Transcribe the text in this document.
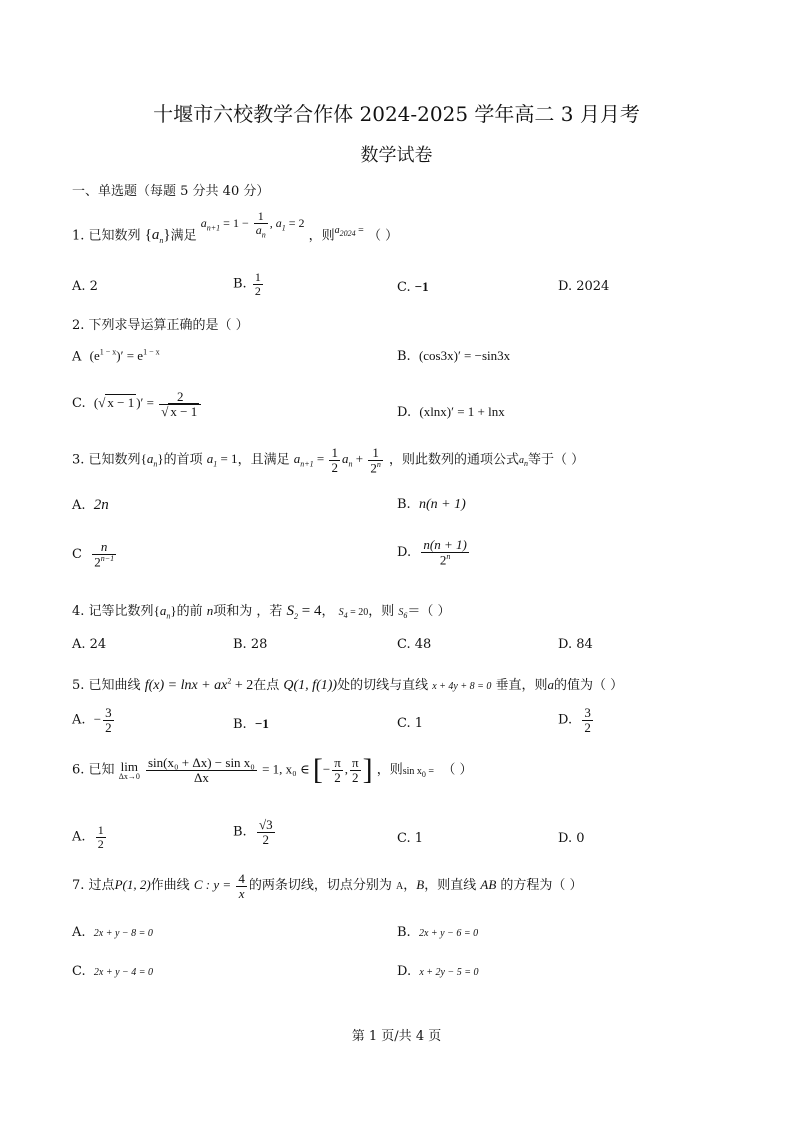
十堰市六校教学合作体 2024-2025 学年高二 3 月月考
数学试卷
一、单选题（每题 5 分共 40 分）
1. 已知数列 $\{a_n\}$满足 $a_{n+1} = 1 - \frac{1}{a_n}$ , $a_1 = 2$ ，则$^{a_{2024} =}$ （ ）
A. 2	B. $\frac{1}{2}$	C. −1	D. 2024
2. 下列求导运算正确的是（ ）
A $(e^{1 - x})' = e^{1 - x}$	B. (cos3x)′ = −sin3x
C. (√ x − 1 )′ = $\frac{2}{√ x - 1}$	D. (xlnx)′ = 1 + lnx
3. 已知数列$\{a_n\}$的首项 $a_1 = 1$，且满足 $a_{n+1} = \frac{1}{2} a_n + \frac{1}{2^n}$ ，则此数列的通项公式$a_n$等于（ ）
A. 2n	B. n(n + 1)
C $\frac{n}{2^{n-1}}$	D. $\frac{n(n + 1)}{2^n}$
4. 记等比数列$\{a_n\}$的前 n项和为 ，若 $S_2 = 4$， $S_4 = 20$，则 $S_6=$（ ）
A. 24	B. 28	C. 48	D. 84
5. 已知曲线 $f(x) = \ln x + ax^2 + 2$在点 Q(1, f(1))处的切线与直线 x + 4y + 8 = 0 垂直，则a的值为（ ）
A. − $\frac{3}{2}$	B. −1	C. 1	D. $\frac{3}{2}$
6. 已知 lim
Δx→0
$\frac{\text{sin(x₀ + Δx) − sin x₀}}{\Delta x} = 1$, x₀ ∈ [− $\frac{\pi}{2}$ , $\frac{\pi}{2}$ ] ，则$\sin x_0$ = （ ）
A. $\frac{1}{2}$	B. $\frac{√3}{2}$	C. 1	D. 0
7. 过点P(1, 2)作曲线 C : $y = \frac{4}{x}$ 的两条切线，切点分别为 A，B，则直线 AB 的方程为（ ）
A. 2x + y − 8 = 0	B. 2x + y − 6 = 0
C. 2x + y − 4 = 0	D. x + 2y − 5 = 0
第 1 页/共 4 页
